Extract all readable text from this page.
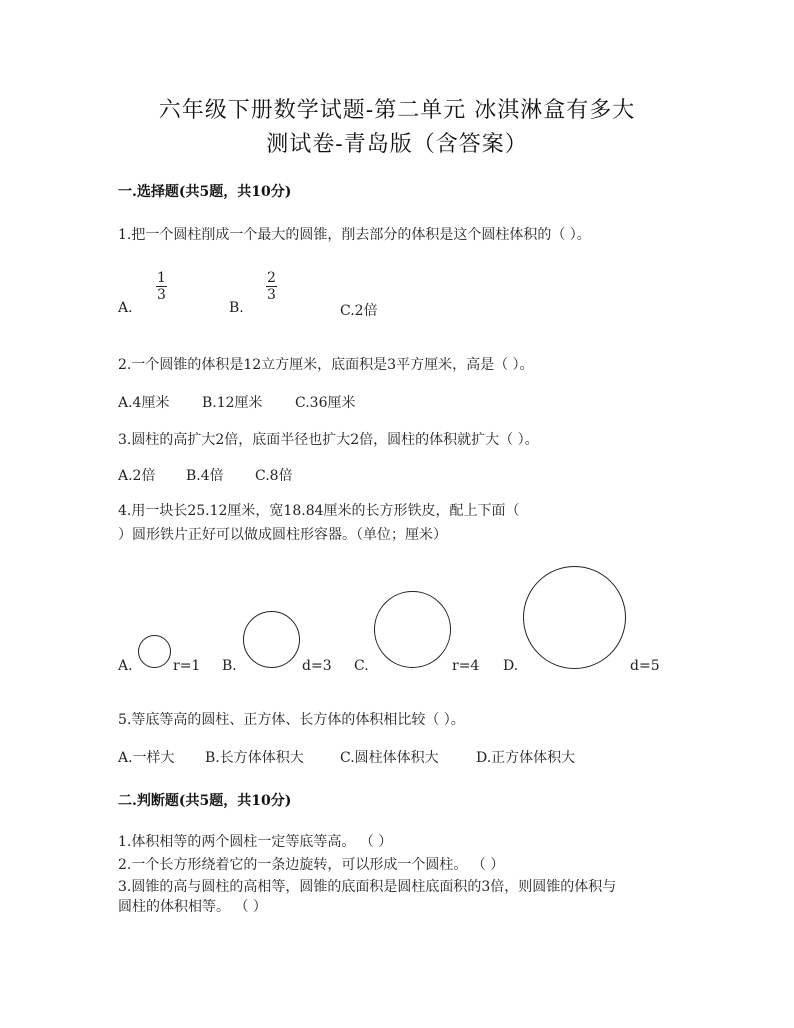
六年级下册数学试题-第二单元 冰淇淋盒有多大
测试卷-青岛版（含答案）
一.选择题(共5题，共10分)
1.把一个圆柱削成一个最大的圆锥，削去部分的体积是这个圆柱体积的（ ）。
A.
1
3
B.
2
3
C.2倍
2.一个圆锥的体积是12立方厘米，底面积是3平方厘米，高是（ ）。
A.4厘米 B.12厘米 C.36厘米
3.圆柱的高扩大2倍，底面半径也扩大2倍，圆柱的体积就扩大（ ）。
A.2倍 B.4倍 C.8倍
4.用一块长25.12厘米，宽18.84厘米的长方形铁皮，配上下面（
）圆形铁片正好可以做成圆柱形容器。（单位；厘米）
A.	r=1 B.	d=3 C.	r=4 D.	d=5
5.等底等高的圆柱、正方体、长方体的体积相比较（ ）。
A.一样大 B.长方体体积大	C.圆柱体体积大	D.正方体体积大
二.判断题(共5题，共10分)
1.体积相等的两个圆柱一定等底等高。 （ ）
2.一个长方形绕着它的一条边旋转，可以形成一个圆柱。 （ ）
3.圆锥的高与圆柱的高相等，圆锥的底面积是圆柱底面积的3倍，则圆锥的体积与
圆柱的体积相等。 （ ）
